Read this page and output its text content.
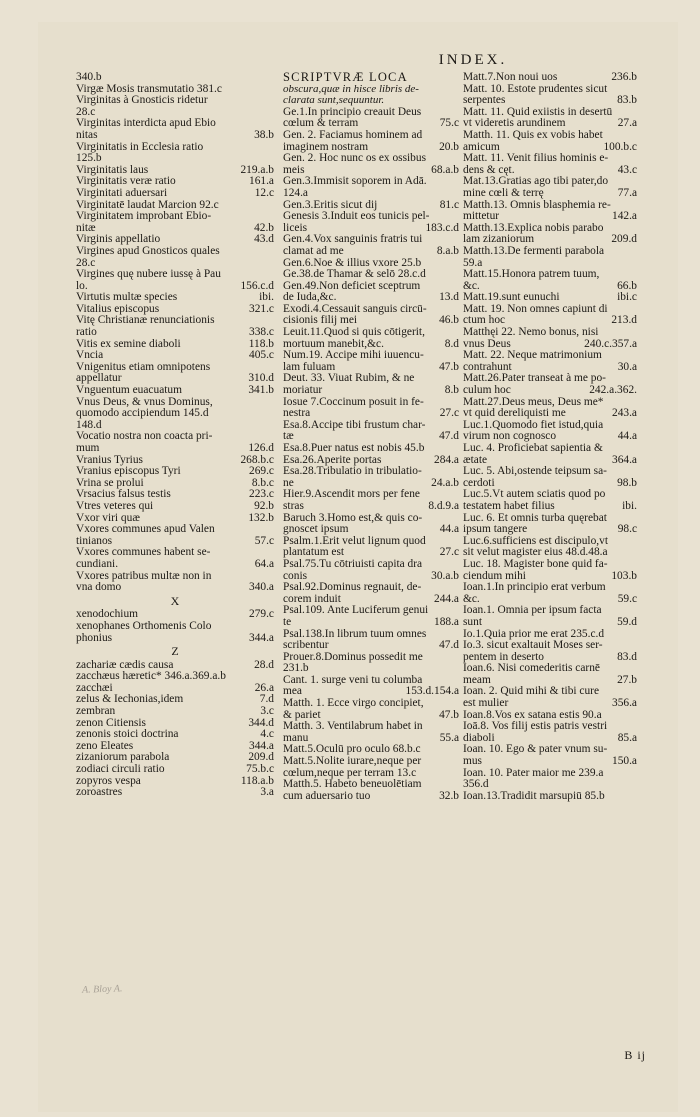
INDEX.
340.b
Virgæ Mosis transmutatio 381.c
Virginitas à Gnosticis ridetur
28.c
Virginitas interdicta apud Ebio
38.b
nitas
Virginitatis in Ecclesia ratio
125.b
219.a.b
Virginitatis laus
161.a
Virginitatis veræ ratio
12.c
Virginitati aduersari
Virginitatē laudat Marcion 92.c
Virginitatem improbant Ebio-
42.b
nitæ
43.d
Virginis appellatio
Virgines apud Gnosticos quales
28.c
Virgines quę nubere iussę à Pau
156.c.d
lo.
ibi.
Virtutis multæ species
321.c
Vitalius episcopus
Vitę Christianæ renunciationis
338.c
ratio
118.b
Vitis ex semine diaboli
405.c
Vncia
Vnigenitus etiam omnipotens
310.d
appellatur
341.b
Vnguentum euacuatum
Vnus Deus, & vnus Dominus,
quomodo accipiendum 145.d
148.d
Vocatio nostra non coacta pri-
126.d
mum
268.b.c
Vranius Tyrius
269.c
Vranius episcopus Tyri
8.b.c
Vrina se prolui
223.c
Vrsacius falsus testis
92.b
Vtres veteres qui
132.b
Vxor viri quæ
Vxores communes apud Valen
57.c
tinianos
Vxores communes habent se-
64.a
cundiani.
Vxores patribus multæ non in
340.a
vna domo
X
279.c
xenodochium
xenophanes Orthomenis Colo
344.a
phonius
Z
28.d
zachariæ cædis causa
zacchæus hæretic* 346.a.369.a.b
26.a
zacchæi
7.d
zelus & Iechonias,idem
3.c
zembran
344.d
zenon Citiensis
4.c
zenonis stoici doctrina
344.a
zeno Eleates
209.d
zizaniorum parabola
75.b.c
zodiaci circuli ratio
118.a.b
zopyros vespa
3.a
zoroastres
SCRIPTVRÆ LOCA
obscura,quæ in hisce libris de-
clarata sunt,sequuntur.
Ge.1.In principio creauit Deus
75.c
cœlum & terram
Gen. 2. Faciamus hominem ad
20.b
imaginem nostram
Gen. 2. Hoc nunc os ex ossibus
68.a.b
meis
Gen.3.Immisit soporem in Adā.
124.a
81.c
Gen.3.Eritis sicut dij
Genesis 3.Induit eos tunicis pel-
183.c.d
liceis
Gen.4.Vox sanguinis fratris tui
8.a.b
clamat ad me
Gen.6.Noe & illius vxore 25.b
Ge.38.de Thamar & selō 28.c.d
Gen.49.Non deficiet sceptrum
13.d
de Iuda,&c.
Exodi.4.Cessauit sanguis circū-
46.b
cisionis filij mei
Leuit.11.Quod si quis cōtigerit,
8.d
mortuum manebit,&c.
Num.19. Accipe mihi iuuencu-
47.b
lam fuluam
Deut. 33. Viuat Rubim, & ne
8.b
moriatur
Iosue 7.Coccinum posuit in fe-
27.c
nestra
Esa.8.Accipe tibi frustum char-
47.d
tæ
Esa.8.Puer natus est nobis 45.b
284.a
Esa.26.Aperite portas
Esa.28.Tribulatio in tribulatio-
24.a.b
ne
Hier.9.Ascendit mors per fene
8.d.9.a
stras
Baruch 3.Homo est,& quis co-
44.a
gnoscet ipsum
Psalm.1.Erit velut lignum quod
27.c
plantatum est
Psal.75.Tu cōtriuisti capita dra
30.a.b
conis
Psal.92.Dominus regnauit, de-
244.a
corem induit
Psal.109. Ante Luciferum genui
188.a
te
Psal.138.In librum tuum omnes
47.d
scribentur
Prouer.8.Dominus possedit me
231.b
Cant. 1. surge veni tu columba
153.d.154.a
mea
Matth. 1. Ecce virgo concipiet,
47.b
& pariet
Matth. 3. Ventilabrum habet in
55.a
manu
Matt.5.Oculū pro oculo 68.b.c
Matt.5.Nolite iurare,neque per
cœlum,neque per terram 13.c
Matth.5. Habeto beneuolētiam
32.b
cum aduersario tuo
236.b
Matt.7.Non noui uos
Matt. 10. Estote prudentes sicut
83.b
serpentes
Matt. 11. Quid exiistis in desertū
27.a
vt videretis arundinem
Matth. 11. Quis ex vobis habet
100.b.c
amicum
Matt. 11. Venit filius hominis e-
43.c
dens & cęt.
Mat.13.Gratias ago tibi pater,do
77.a
mine cœli & terrę
Matth.13. Omnis blasphemia re-
142.a
mittetur
Matth.13.Explica nobis parabo
209.d
lam zizaniorum
Matth.13.De fermenti parabola
59.a
Matt.15.Honora patrem tuum,
66.b
&c.
ibi.c
Matt.19.sunt eunuchi
Matt. 19. Non omnes capiunt di
213.d
ctum hoc
Matthęi 22. Nemo bonus, nisi
240.c.357.a
vnus Deus
Matt. 22. Neque matrimonium
30.a
contrahunt
Matt.26.Pater transeat à me po-
242.a.362.
culum hoc
Matt.27.Deus meus, Deus me*
243.a
vt quid dereliquisti me
Luc.1.Quomodo fiet istud,quia
44.a
virum non cognosco
Luc. 4. Proficiebat sapientia &
364.a
ætate
Luc. 5. Abi,ostende teipsum sa-
98.b
cerdoti
Luc.5.Vt autem sciatis quod po
ibi.
testatem habet filius
Luc. 6. Et omnis turba quęrebat
98.c
ipsum tangere
Luc.6.sufficiens est discipulo,vt
sit velut magister eius 48.d.48.a
Luc. 18. Magister bone quid fa-
103.b
ciendum mihi
Ioan.1.In principio erat verbum
59.c
&c.
Ioan.1. Omnia per ipsum facta
59.d
sunt
Io.1.Quia prior me erat 235.c.d
Io.3. sicut exaltauit Moses ser-
83.d
pentem in deserto
Ioan.6. Nisi comederitis carnē
27.b
meam
Ioan. 2. Quid mihi & tibi cure
356.a
est mulier
Ioan.8.Vos ex satana estis 90.a
Ioā.8. Vos filij estis patris vestri
85.a
diaboli
Ioan. 10. Ego & pater vnum su-
150.a
mus
Ioan. 10. Pater maior me 239.a
356.d
Ioan.13.Tradidit marsupiū 85.b
A. Bloy A.
B ij
